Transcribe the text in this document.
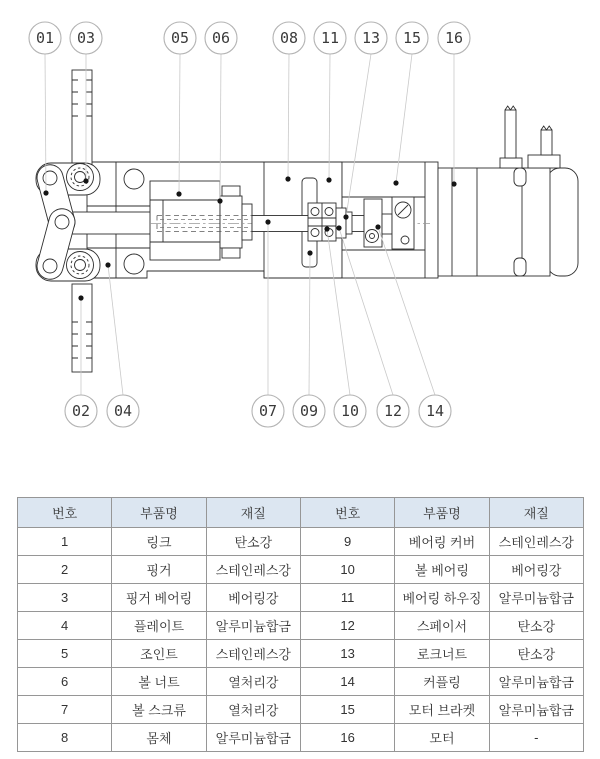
01 03	05 06	08 11 13 15 16
02 04	07 09 10 12 14
번호	부품명	재질	번호	부품명	재질
1	링크	탄소강	9	베어링 커버	스테인레스강
2	핑거	스테인레스강	10	볼 베어링	베어링강
3	핑거 베어링	베어링강	11	베어링 하우징	알루미늄합금
4	플레이트	알루미늄합금	12	스페이서	탄소강
5	조인트	스테인레스강	13	로크너트	탄소강
6	볼 너트	열처리강	14	커플링	알루미늄합금
7	볼 스크류	열처리강	15	모터 브라켓	알루미늄합금
8	몸체	알루미늄합금	16	모터	-
